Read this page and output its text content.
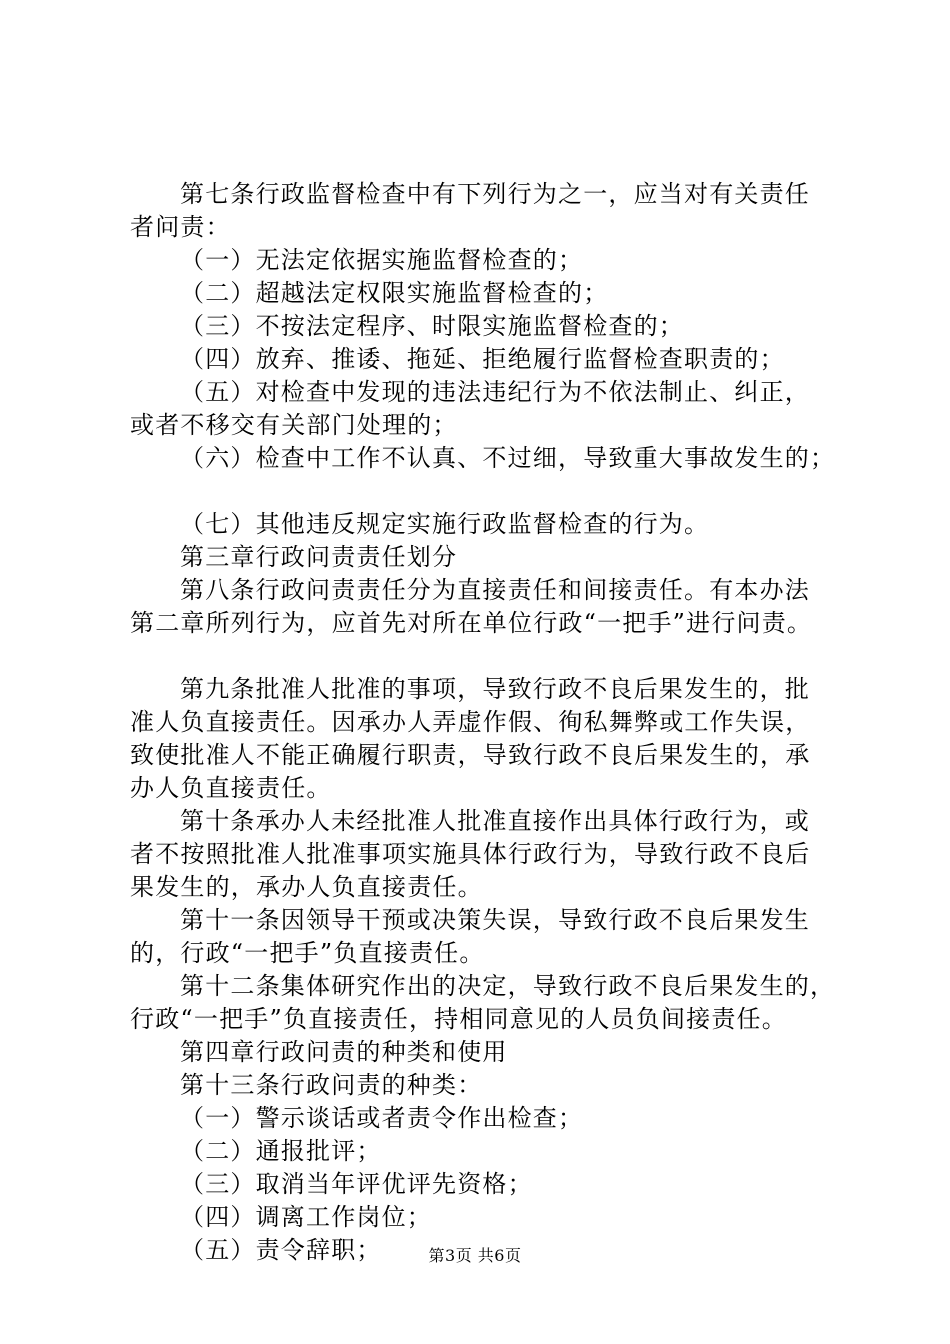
第七条行政监督检查中有下列行为之一，应当对有关责任
者问责：
（一）无法定依据实施监督检查的；
（二）超越法定权限实施监督检查的；
（三）不按法定程序、时限实施监督检查的；
（四）放弃、推诿、拖延、拒绝履行监督检查职责的；
（五）对检查中发现的违法违纪行为不依法制止、纠正，
或者不移交有关部门处理的；
（六）检查中工作不认真、不过细，导致重大事故发生的；
（七）其他违反规定实施行政监督检查的行为。
第三章行政问责责任划分
第八条行政问责责任分为直接责任和间接责任。有本办法
第二章所列行为，应首先对所在单位行政“一把手”进行问责。
第九条批准人批准的事项，导致行政不良后果发生的，批
准人负直接责任。因承办人弄虚作假、徇私舞弊或工作失误，
致使批准人不能正确履行职责，导致行政不良后果发生的，承
办人负直接责任。
第十条承办人未经批准人批准直接作出具体行政行为，或
者不按照批准人批准事项实施具体行政行为，导致行政不良后
果发生的，承办人负直接责任。
第十一条因领导干预或决策失误，导致行政不良后果发生
的，行政“一把手”负直接责任。
第十二条集体研究作出的决定，导致行政不良后果发生的，
行政“一把手”负直接责任，持相同意见的人员负间接责任。
第四章行政问责的种类和使用
第十三条行政问责的种类：
（一）警示谈话或者责令作出检查；
（二）通报批评；
（三）取消当年评优评先资格；
（四）调离工作岗位；
（五）责令辞职；	第3页 共6页
